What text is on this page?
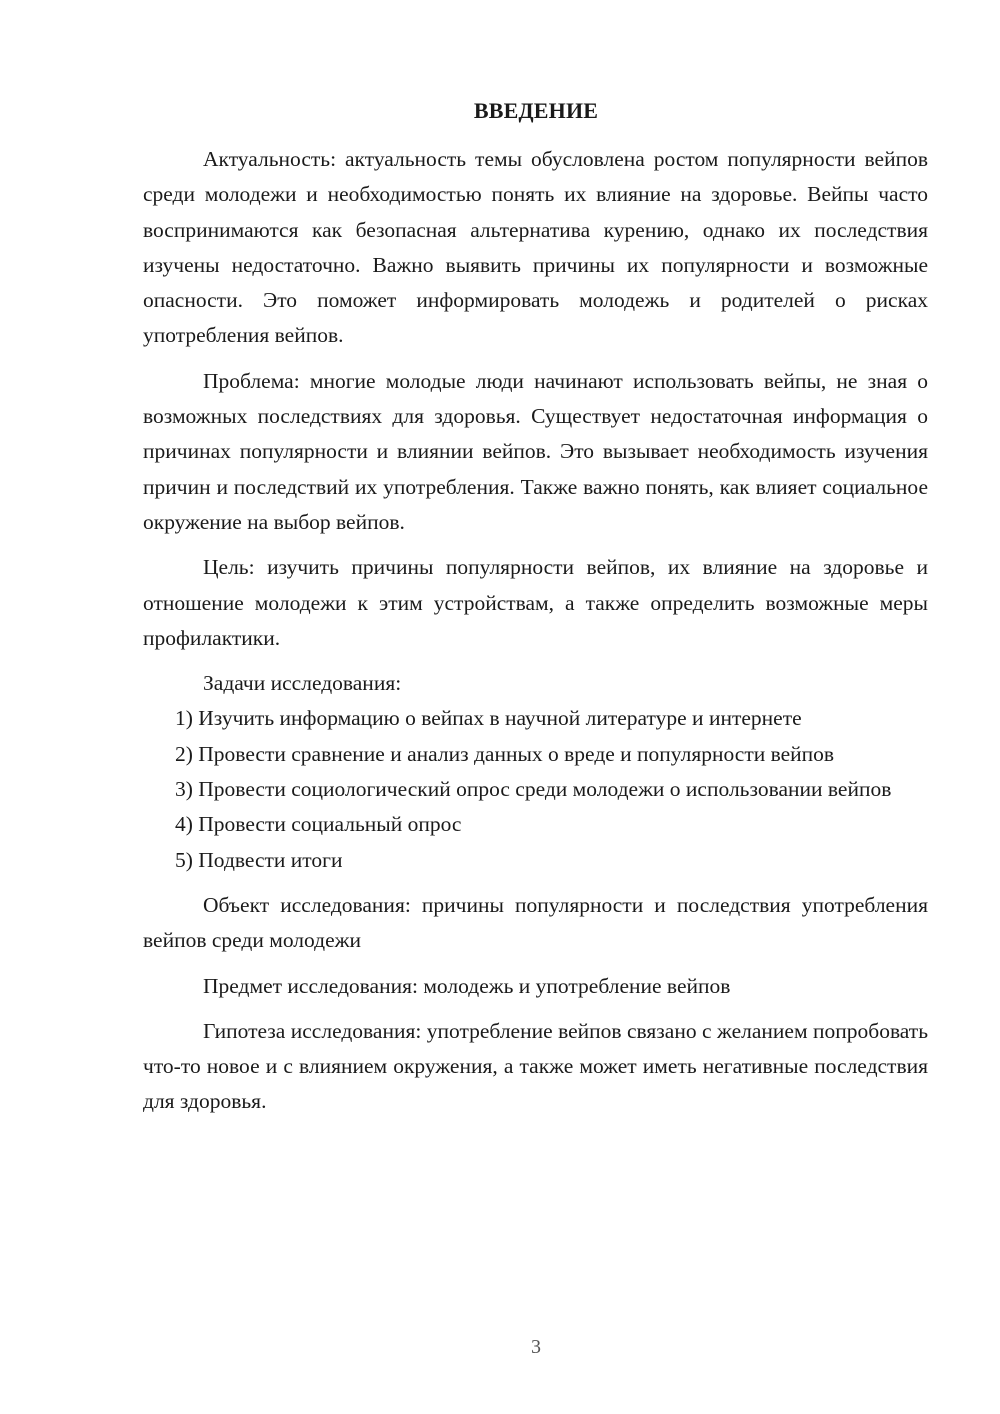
ВВЕДЕНИЕ

Актуальность: актуальность темы обусловлена ростом популярности вейпов среди молодежи и необходимостью понять их влияние на здоровье. Вейпы часто воспринимаются как безопасная альтернатива курению, однако их последствия изучены недостаточно. Важно выявить причины их популярности и возможные опасности. Это поможет информировать молодежь и родителей о рисках употребления вейпов.

Проблема: многие молодые люди начинают использовать вейпы, не зная о возможных последствиях для здоровья. Существует недостаточная информация о причинах популярности и влиянии вейпов. Это вызывает необходимость изучения причин и последствий их употребления. Также важно понять, как влияет социальное окружение на выбор вейпов.

Цель: изучить причины популярности вейпов, их влияние на здоровье и отношение молодежи к этим устройствам, а также определить возможные меры профилактики.

Задачи исследования:

1) Изучить информацию о вейпах в научной литературе и интернете

2) Провести сравнение и анализ данных о вреде и популярности вейпов

3) Провести социологический опрос среди молодежи о использовании вейпов

4) Провести социальный опрос

5) Подвести итоги

Объект исследования: причины популярности и последствия употребления вейпов среди молодежи

Предмет исследования: молодежь и употребление вейпов

Гипотеза исследования: употребление вейпов связано с желанием попробовать что-то новое и с влиянием окружения, а также может иметь негативные последствия для здоровья.

3
